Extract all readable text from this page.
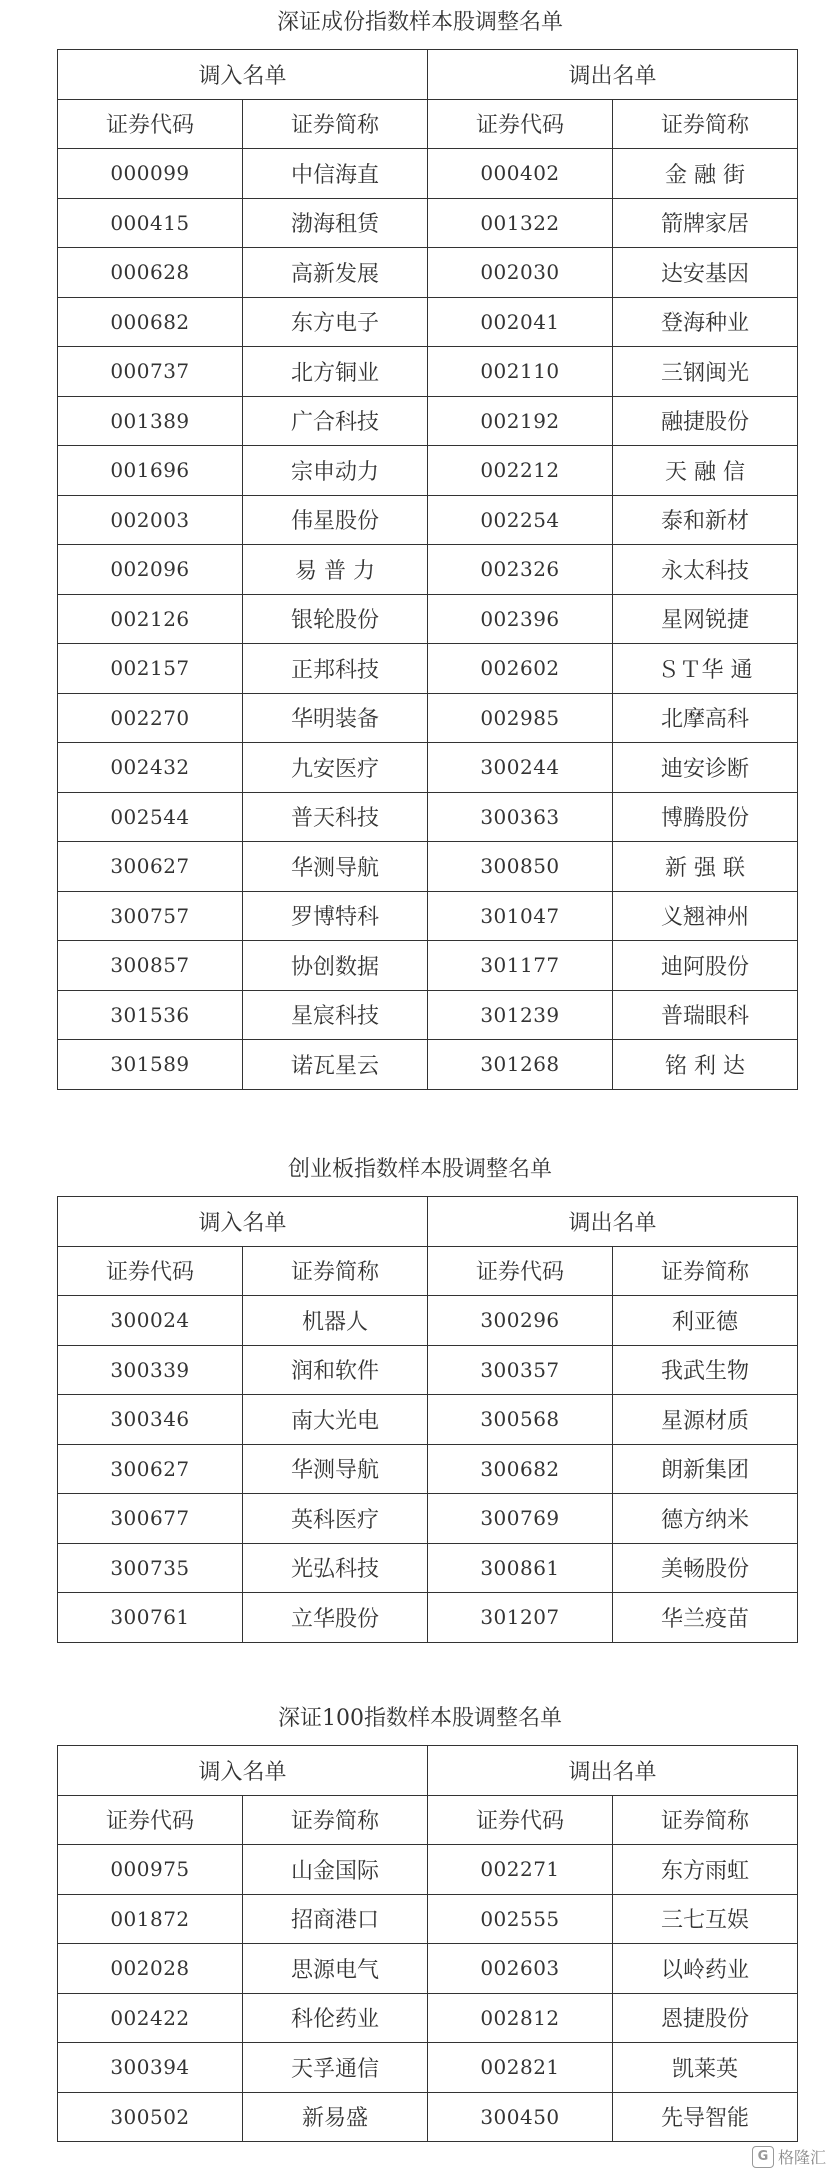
深证成份指数样本股调整名单
调入名单		调出名单	
证券代码	证券简称	证券代码	证券简称
000099	中信海直	000402	金 融 街
000415	渤海租赁	001322	箭牌家居
000628	高新发展	002030	达安基因
000682	东方电子	002041	登海种业
000737	北方铜业	002110	三钢闽光
001389	广合科技	002192	融捷股份
001696	宗申动力	002212	天 融 信
002003	伟星股份	002254	泰和新材
002096	易 普 力	002326	永太科技
002126	银轮股份	002396	星网锐捷
002157	正邦科技	002602	ＳＴ华 通
002270	华明装备	002985	北摩高科
002432	九安医疗	300244	迪安诊断
002544	普天科技	300363	博腾股份
300627	华测导航	300850	新 强 联
300757	罗博特科	301047	义翘神州
300857	协创数据	301177	迪阿股份
301536	星宸科技	301239	普瑞眼科
301589	诺瓦星云	301268	铭 利 达
创业板指数样本股调整名单
调入名单		调出名单	
证券代码	证券简称	证券代码	证券简称
300024	机器人	300296	利亚德
300339	润和软件	300357	我武生物
300346	南大光电	300568	星源材质
300627	华测导航	300682	朗新集团
300677	英科医疗	300769	德方纳米
300735	光弘科技	300861	美畅股份
300761	立华股份	301207	华兰疫苗
深证100指数样本股调整名单
调入名单		调出名单	
证券代码	证券简称	证券代码	证券简称
000975	山金国际	002271	东方雨虹
001872	招商港口	002555	三七互娱
002028	思源电气	002603	以岭药业
002422	科伦药业	002812	恩捷股份
300394	天孚通信	002821	凯莱英
300502	新易盛	300450	先导智能
G 格隆汇
